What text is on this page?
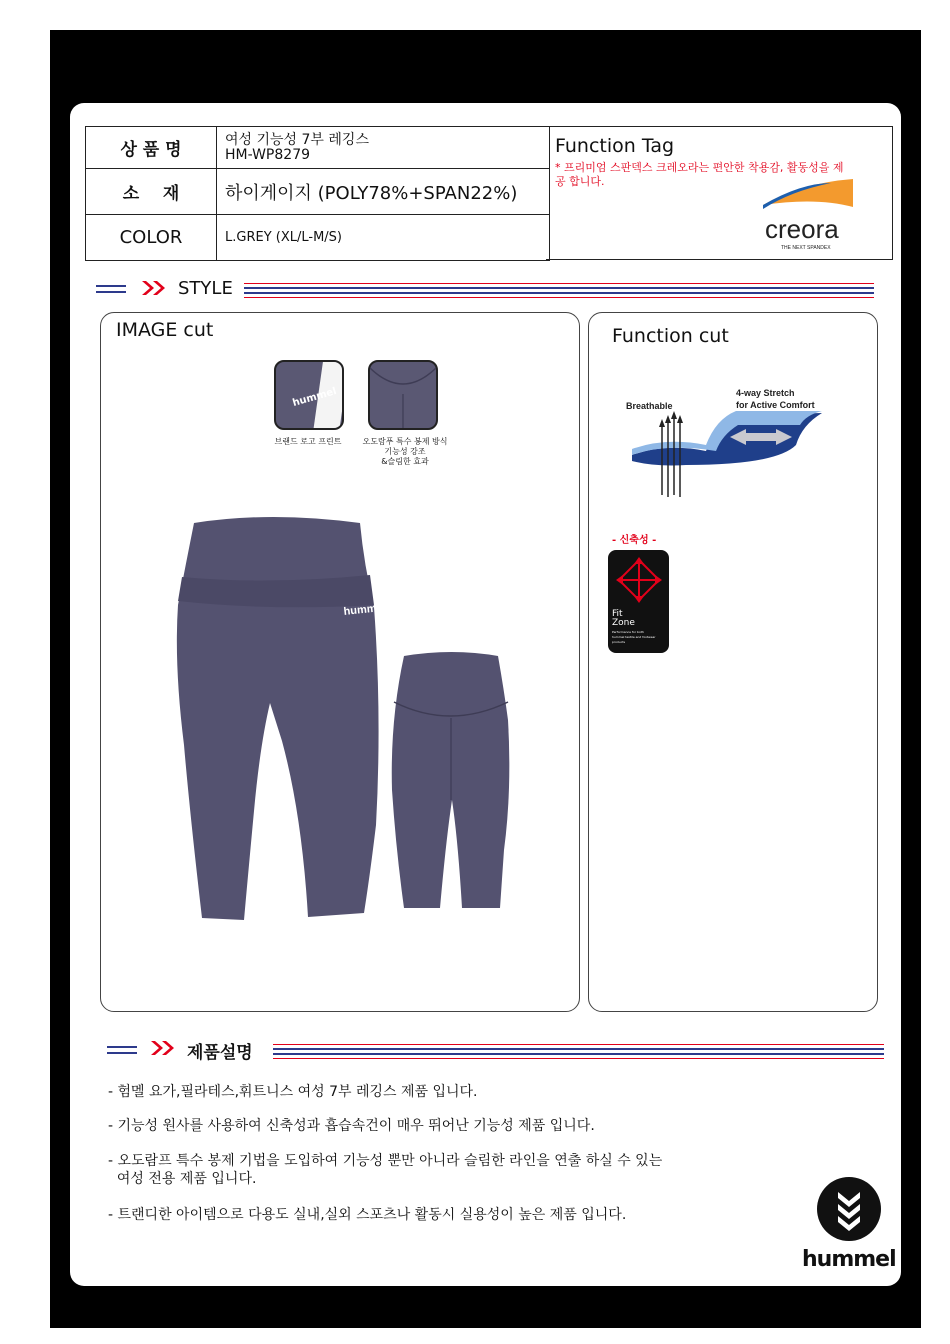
상 품 명	여성 기능성 7부 레깅스
HM-WP8279

소    재	하이게이지 (POLY78%+SPAN22%)
COLOR	L.GREY (XL/L-M/S)
Function Tag
* 프리미엄 스판덱스 크레오라는 편안한 착용감, 활동성을 제공 합니다.
creora
THE NEXT SPANDEX
STYLE
IMAGE cut
hummel
브랜드 로고 프린트	오도람푸 특수 봉제 방식
기능성 강조
&슬림한 효과
hummel
Function cut
Breathable
4-way Stretch
for Active Comfort
- 신축성 -
Fit
Zone
Performance for both
hummel textile and footwear
products
제품설명
- 험멜 요가,필라테스,휘트니스 여성 7부 레깅스 제품 입니다.
- 기능성 원사를 사용하여 신축성과 흡습속건이 매우 뛰어난 기능성 제품 입니다.
- 오도람프 특수 봉제 기법을 도입하여 기능성 뿐만 아니라 슬림한 라인을 연출 하실 수 있는
여성 전용 제품 입니다.
- 트랜디한 아이템으로 다용도 실내,실외 스포츠나 활동시 실용성이 높은 제품 입니다.
hummel
